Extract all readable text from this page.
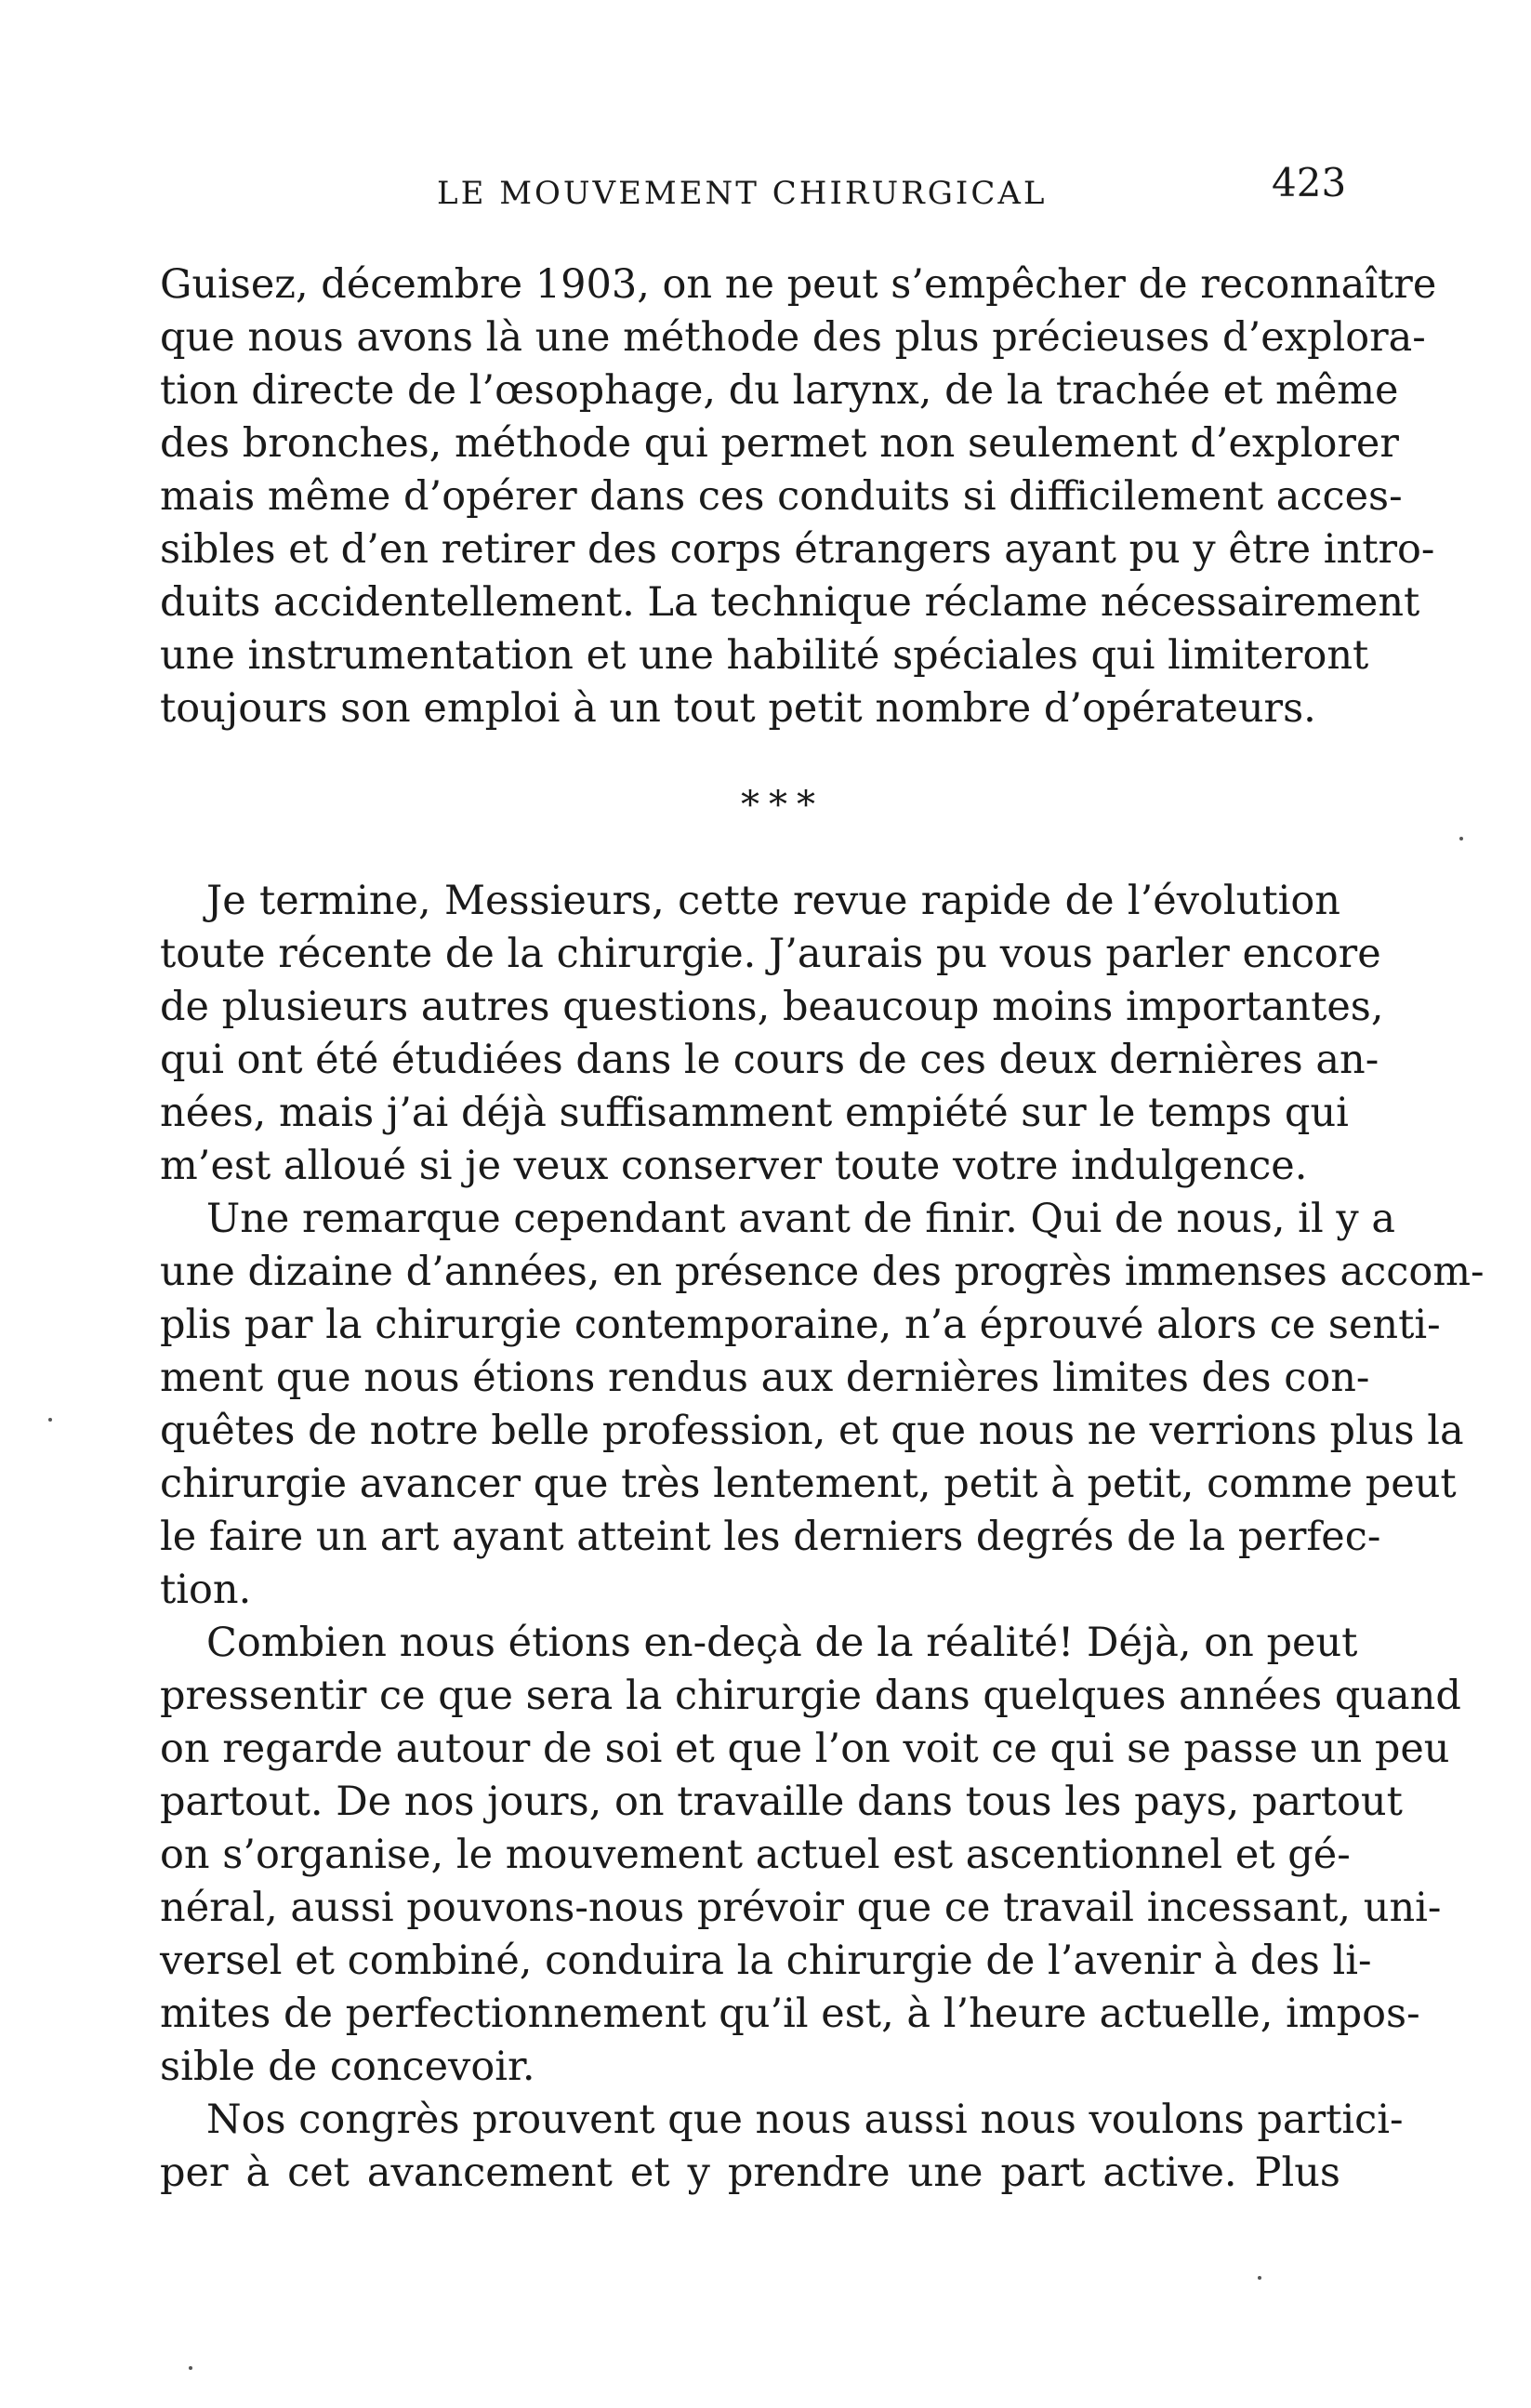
LE MOUVEMENT CHIRURGICAL	423
Guisez, décembre 1903, on ne peut s’empêcher de reconnaître
que nous avons là une méthode des plus précieuses d’explora-
tion directe de l’œsophage, du larynx, de la trachée et même
des bronches, méthode qui permet non seulement d’explorer
mais même d’opérer dans ces conduits si difficilement acces-
sibles et d’en retirer des corps étrangers ayant pu y être intro-
duits accidentellement. La technique réclame nécessairement
une instrumentation et une habilité spéciales qui limiteront
toujours son emploi à un tout petit nombre d’opérateurs.
***
Je termine, Messieurs, cette revue rapide de l’évolution
toute récente de la chirurgie. J’aurais pu vous parler encore
de plusieurs autres questions, beaucoup moins importantes,
qui ont été étudiées dans le cours de ces deux dernières an-
nées, mais j’ai déjà suffisamment empiété sur le temps qui
m’est alloué si je veux conserver toute votre indulgence.
Une remarque cependant avant de finir. Qui de nous, il y a
une dizaine d’années, en présence des progrès immenses accom-
plis par la chirurgie contemporaine, n’a éprouvé alors ce senti-
ment que nous étions rendus aux dernières limites des con-
quêtes de notre belle profession, et que nous ne verrions plus la
chirurgie avancer que très lentement, petit à petit, comme peut
le faire un art ayant atteint les derniers degrés de la perfec-
tion.
Combien nous étions en-deçà de la réalité! Déjà, on peut
pressentir ce que sera la chirurgie dans quelques années quand
on regarde autour de soi et que l’on voit ce qui se passe un peu
partout. De nos jours, on travaille dans tous les pays, partout
on s’organise, le mouvement actuel est ascentionnel et gé-
néral, aussi pouvons-nous prévoir que ce travail incessant, uni-
versel et combiné, conduira la chirurgie de l’avenir à des li-
mites de perfectionnement qu’il est, à l’heure actuelle, impos-
sible de concevoir.
Nos congrès prouvent que nous aussi nous voulons partici-
per à cet avancement et y prendre une part active. Plus
